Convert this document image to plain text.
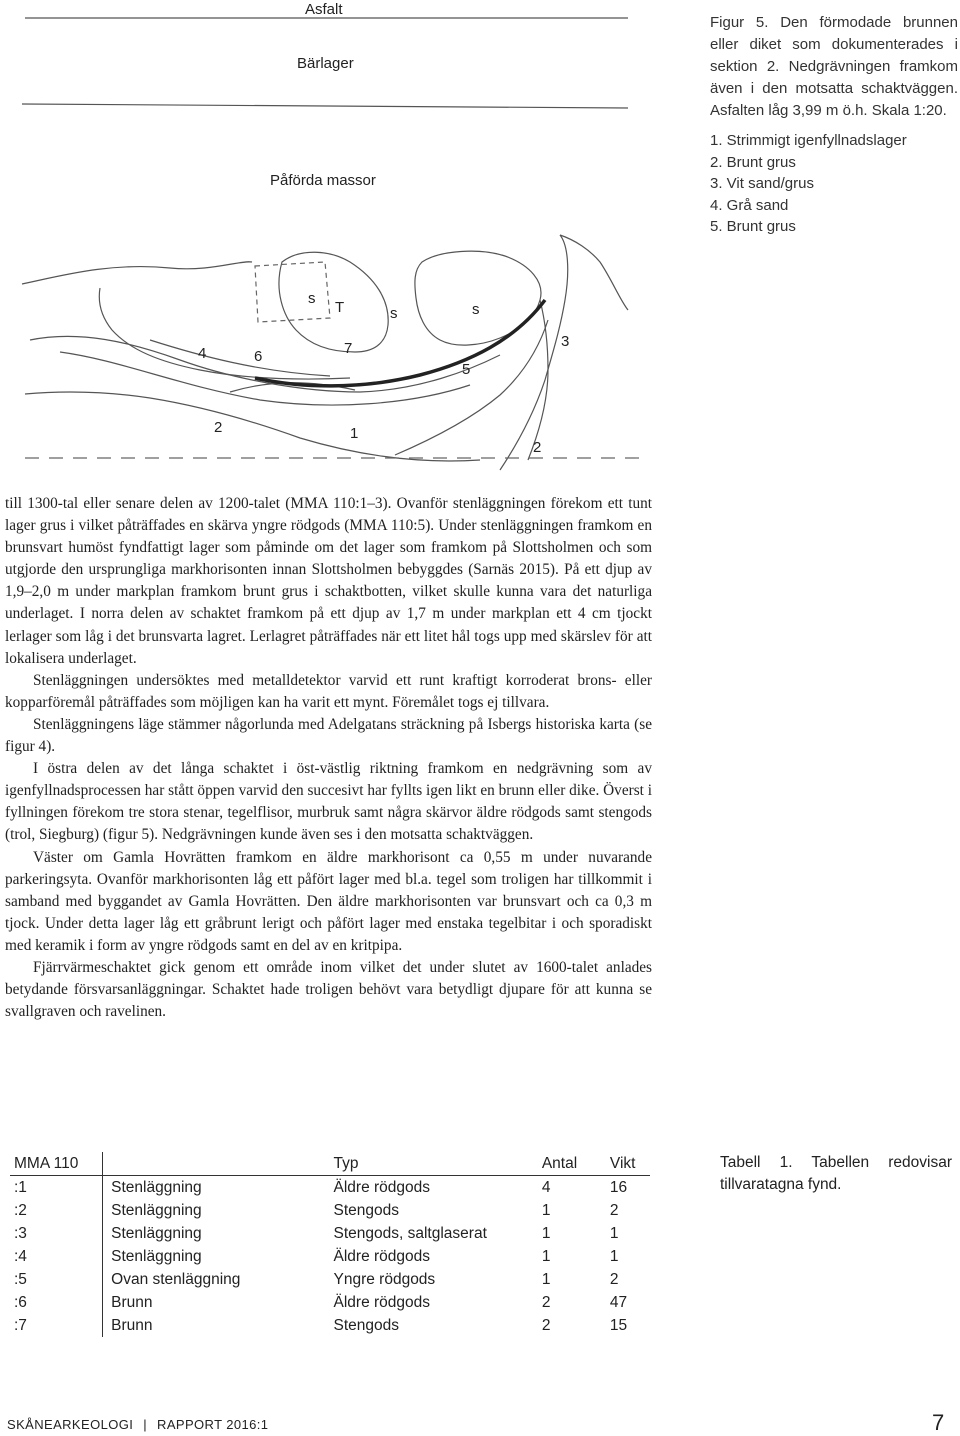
Asfalt
Bärlager
Påförda massor
s
T	s	s
4	6	7	3
5
2	1
2

Figur 5. Den förmodade brunnen eller diket som dokumenterades i sektion 2. Nedgrävningen framkom även i den motsatta schaktväggen. Asfalten låg 3,99 m ö.h. Skala 1:20.

1. Strimmigt igenfyllnadslager
2. Brunt grus
3. Vit sand/grus
4. Grå sand
5. Brunt grus

till 1300-tal eller senare delen av 1200-talet (MMA 110:1–3). Ovanför stenläggningen förekom ett tunt lager grus i vilket påträffades en skärva yngre rödgods (MMA 110:5). Under stenläggningen framkom en brunsvart humöst fyndfattigt lager som påminde om det lager som framkom på Slottsholmen och som utgjorde den ursprungliga markhorisonten innan Slottsholmen bebyggdes (Sarnäs 2015). På ett djup av 1,9–2,0 m under markplan framkom brunt grus i schaktbotten, vilket skulle kunna vara det naturliga underlaget. I norra delen av schaktet framkom på ett djup av 1,7 m under markplan ett 4 cm tjockt lerlager som låg i det brunsvarta lagret. Lerlagret påträffades när ett litet hål togs upp med skärslev för att lokalisera underlaget.

Stenläggningen undersöktes med metalldetektor varvid ett runt kraftigt korroderat brons- eller kopparföremål påträffades som möjligen kan ha varit ett mynt. Föremålet togs ej tillvara.

Stenläggningens läge stämmer någorlunda med Adelgatans sträckning på Isbergs historiska karta (se figur 4).

I östra delen av det långa schaktet i öst-västlig riktning framkom en nedgrävning som av igenfyllnadsprocessen har stått öppen varvid den succesivt har fyllts igen likt en brunn eller dike. Överst i fyllningen förekom tre stora stenar, tegelflisor, murbruk samt några skärvor äldre rödgods samt stengods (trol, Siegburg) (figur 5). Nedgrävningen kunde även ses i den motsatta schaktväggen.

Väster om Gamla Hovrätten framkom en äldre markhorisont ca 0,55 m under nuvarande parkeringsyta. Ovanför markhorisonten låg ett påfört lager med bl.a. tegel som troligen har tillkommit i samband med byggandet av Gamla Hovrätten. Den äldre markhorisonten var brunsvart och ca 0,3 m tjock. Under detta lager låg ett gråbrunt lerigt och påfört lager med enstaka tegelbitar i och sporadiskt med keramik i form av yngre rödgods samt en del av en kritpipa.

Fjärrvärmeschaktet gick genom ett område inom vilket det under slutet av 1600-talet anlades betydande försvarsanläggningar. Schaktet hade troligen behövt vara betydligt djupare för att kunna se svallgraven och ravelinen.

MMA 110		Typ	Antal	Vikt
:1	Stenläggning	Äldre rödgods	4	16
:2	Stenläggning	Stengods	1	2
:3	Stenläggning	Stengods, saltglaserat	1	1
:4	Stenläggning	Äldre rödgods	1	1
:5	Ovan stenläggning	Yngre rödgods	1	2
:6	Brunn	Äldre rödgods	2	47
:7	Brunn	Stengods	2	15
Tabell 1. Tabellen redovisar tillvaratagna fynd.
SKÅNEARKEOLOGI | RAPPORT 2016:1	7
